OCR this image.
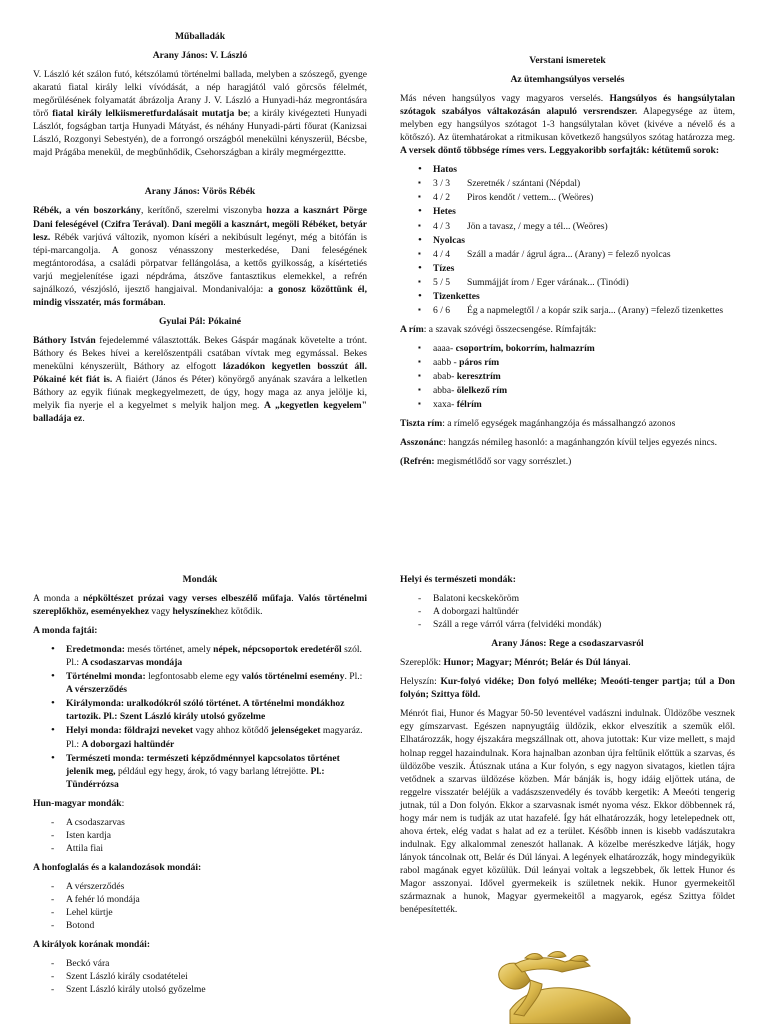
Műballadák
Arany János: V. László

V. László két szálon futó, kétszólamú történelmi ballada, melyben a szószegő, gyenge akaratú fiatal király lelki vívódását, a nép haragjától való görcsös félelmét, megőrülésének folyamatát ábrázolja Arany J. V. László a Hunyadi-ház megrontására törő fiatal király lelkiismeretfurdalásait mutatja be; a király kivégezteti Hunyadi Lászlót, fogságban tartja Hunyadi Mátyást, és néhány Hunyadi-párti főurat (Kanizsai László, Rozgonyi Sebestyén), de a forrongó országból menekülni kényszerül, Bécsbe, majd Prágába menekül, de megbűnhődik, Csehországban a király megmérgezttte.

Arany János: Vörös Rébék

Rébék, a vén boszorkány, kerítőnő, szerelmi viszonyba hozza a kasznárt Pörge Dani feleségével (Czifra Terával). Dani megöli a kasznárt, megöli Rébéket, betyár lesz. Rébék varjúvá változik, nyomon kíséri a nekibúsult legényt, még a bitófán is tépi-marcangolja. A gonosz vénasszony mesterkedése, Dani feleségének megtántorodása, a családi pörpatvar fellángolása, a kettős gyilkosság, a kísértetiés varjú megjelenítése igazi népdráma, átszőve fantasztikus elemekkel, a refrén sajnálkozó, vészjósló, ijesztő hangjaival. Mondanivalója: a gonosz közöttünk él, mindig visszatér, más formában.

Gyulai Pál: Pókainé

Báthory István fejedelemmé választották. Bekes Gáspár magának követelte a trónt. Báthory és Bekes hívei a kerelőszentpáli csatában vívtak meg egymással. Bekes menekülni kényszerült, Báthory az elfogott lázadókon kegyetlen bosszút áll. Pókainé két fiát is. A fiaiért (János és Péter) könyörgő anyának szavára a lelketlen Báthory az egyik fiúnak megkegyelmezett, de úgy, hogy maga az anya jelölje ki, melyik fia nyerje el a kegyelmet s melyik haljon meg. A „kegyetlen kegyelem" balladája ez.

Verstani ismeretek
Az ütemhangsúlyos verselés

Más néven hangsúlyos vagy magyaros verselés. Hangsúlyos és hangsúlytalan szótagok szabályos váltakozásán alapuló versrendszer. Alapegysége az ütem, melyben egy hangsúlyos szótagot 1-3 hangsúlytalan követ (kivéve a névelő és a kötőszó). Az ütemhatárokat a ritmikusan következő hangsúlyos szótag határozza meg. A versek döntő többsége rímes vers. Leggyakoribb sorfajták: kétütemű sorok:

• Hatos
▪ 3 / 3 Szeretnék / szántani (Népdal)
▪ 4 / 2 Piros kendőt / vettem... (Weöres)
• Hetes
▪ 4 / 3 Jön a tavasz, / megy a tél... (Weöres)
• Nyolcas
▪ 4 / 4 Száll a madár / ágrul ágra... (Arany) = felező nyolcas
• Tízes
▪ 5 / 5 Summájját írom / Eger várának... (Tinódi)
• Tizenkettes
▪ 6 / 6 Ég a napmelegtől / a kopár szik sarja... (Arany) =felező tizenkettes

A rím: a szavak szóvégi összecsengése. Rímfajták:

▪ aaaa- csoportrím, bokorrím, halmazrím
▪ aabb - páros rím
▪ abab- keresztrím
▪ abba- ölelkező rím
▪ xaxa- félrím

Tiszta rím: a rímelő egységek magánhangzója és mássalhangzó azonos

Asszonánc: hangzás némileg hasonló: a magánhangzón kívül teljes egyezés nincs.

(Refrén: megismétlődő sor vagy sorrészlet.)

Mondák

A monda a népköltészet prózai vagy verses elbeszélő műfaja. Valós történelmi szereplőkhöz, eseményekhez vagy helyszínekhez kötődik.

A monda fajtái:

• Eredetmonda: mesés történet, amely népek, népcsoportok eredetéről szól. Pl.: A csodaszarvas mondája
• Történelmi monda: legfontosabb eleme egy valós történelmi esemény. Pl.: A vérszerződés
• Királymonda: uralkodókról szóló történet. A történelmi mondákhoz tartozik. Pl.: Szent László király utolsó győzelme
• Helyi monda: földrajzi neveket vagy ahhoz kötődő jelenségeket magyaráz. Pl.: A doborgazi haltündér
• Természeti monda: természeti képződménnyel kapcsolatos történet jelenik meg, például egy hegy, árok, tó vagy barlang létrejötte. Pl.: Tündérrózsa

Hun-magyar mondák:

- A csodaszarvas
- Isten kardja
- Attila fiai

A honfoglalás és a kalandozások mondái:

- A vérszerződés
- A fehér ló mondája
- Lehel kürtje
- Botond

A királyok korának mondái:

- Beckó vára
- Szent László király csodatételei
- Szent László király utolsó győzelme

Helyi és természeti mondák:

- Balatoni kecskeköröm
- A doborgazi haltündér
- Száll a rege várról várra (felvidéki mondák)
Arany János: Rege a csodaszarvasról

Szereplők: Hunor; Magyar; Ménrót; Belár és Dúl lányai.

Helyszín: Kur-folyó vidéke; Don folyó melléke; Meoóti-tenger partja; túl a Don folyón; Szittya föld.

Ménrót fiai, Hunor és Magyar 50-50 leventével vadászni indulnak. Üldözőbe vesznek egy gímszarvast. Egészen napnyugtáig üldözik, ekkor elveszítik a szemük elől. Elhatározzák, hogy éjszakára megszállnak ott, ahova jutottak: Kur vize mellett, s majd holnap reggel hazaindulnak. Kora hajnalban azonban újra feltűnik előttük a szarvas, és üldözőbe veszik. Átúsznak utána a Kur folyón, s egy nagyon sivatagos, kietlen tájra vetődnek a szarvas üldözése közben. Már bánják is, hogy idáig eljöttek utána, de reggelre visszatér beléjük a vadászszenvedély és tovább kergetik: A Meeóti tengerig jutnak, túl a Don folyón. Ekkor a szarvasnak ismét nyoma vész. Ekkor döbbennek rá, hogy már nem is tudják az utat hazafelé. Így hát elhatározzák, hogy letelepednek ott, ahova értek, elég vadat s halat ad ez a terület. Később innen is kisebb vadászutakra indulnak. Egy alkalommal zeneszót hallanak. A közelbe merészkedve látják, hogy lányok táncolnak ott, Belár és Dúl lányai. A legények elhatározzák, hogy mindegyikük rabol magának egyet közülük. Dúl leányai voltak a legszebbek, ők lettek Hunor és Magor asszonyai. Idővel gyermekeik is születnek nekik. Hunor gyermekeitől származnak a hunok, Magyar gyermekeitől a magyarok, egész Szittya földet benépesítették.
